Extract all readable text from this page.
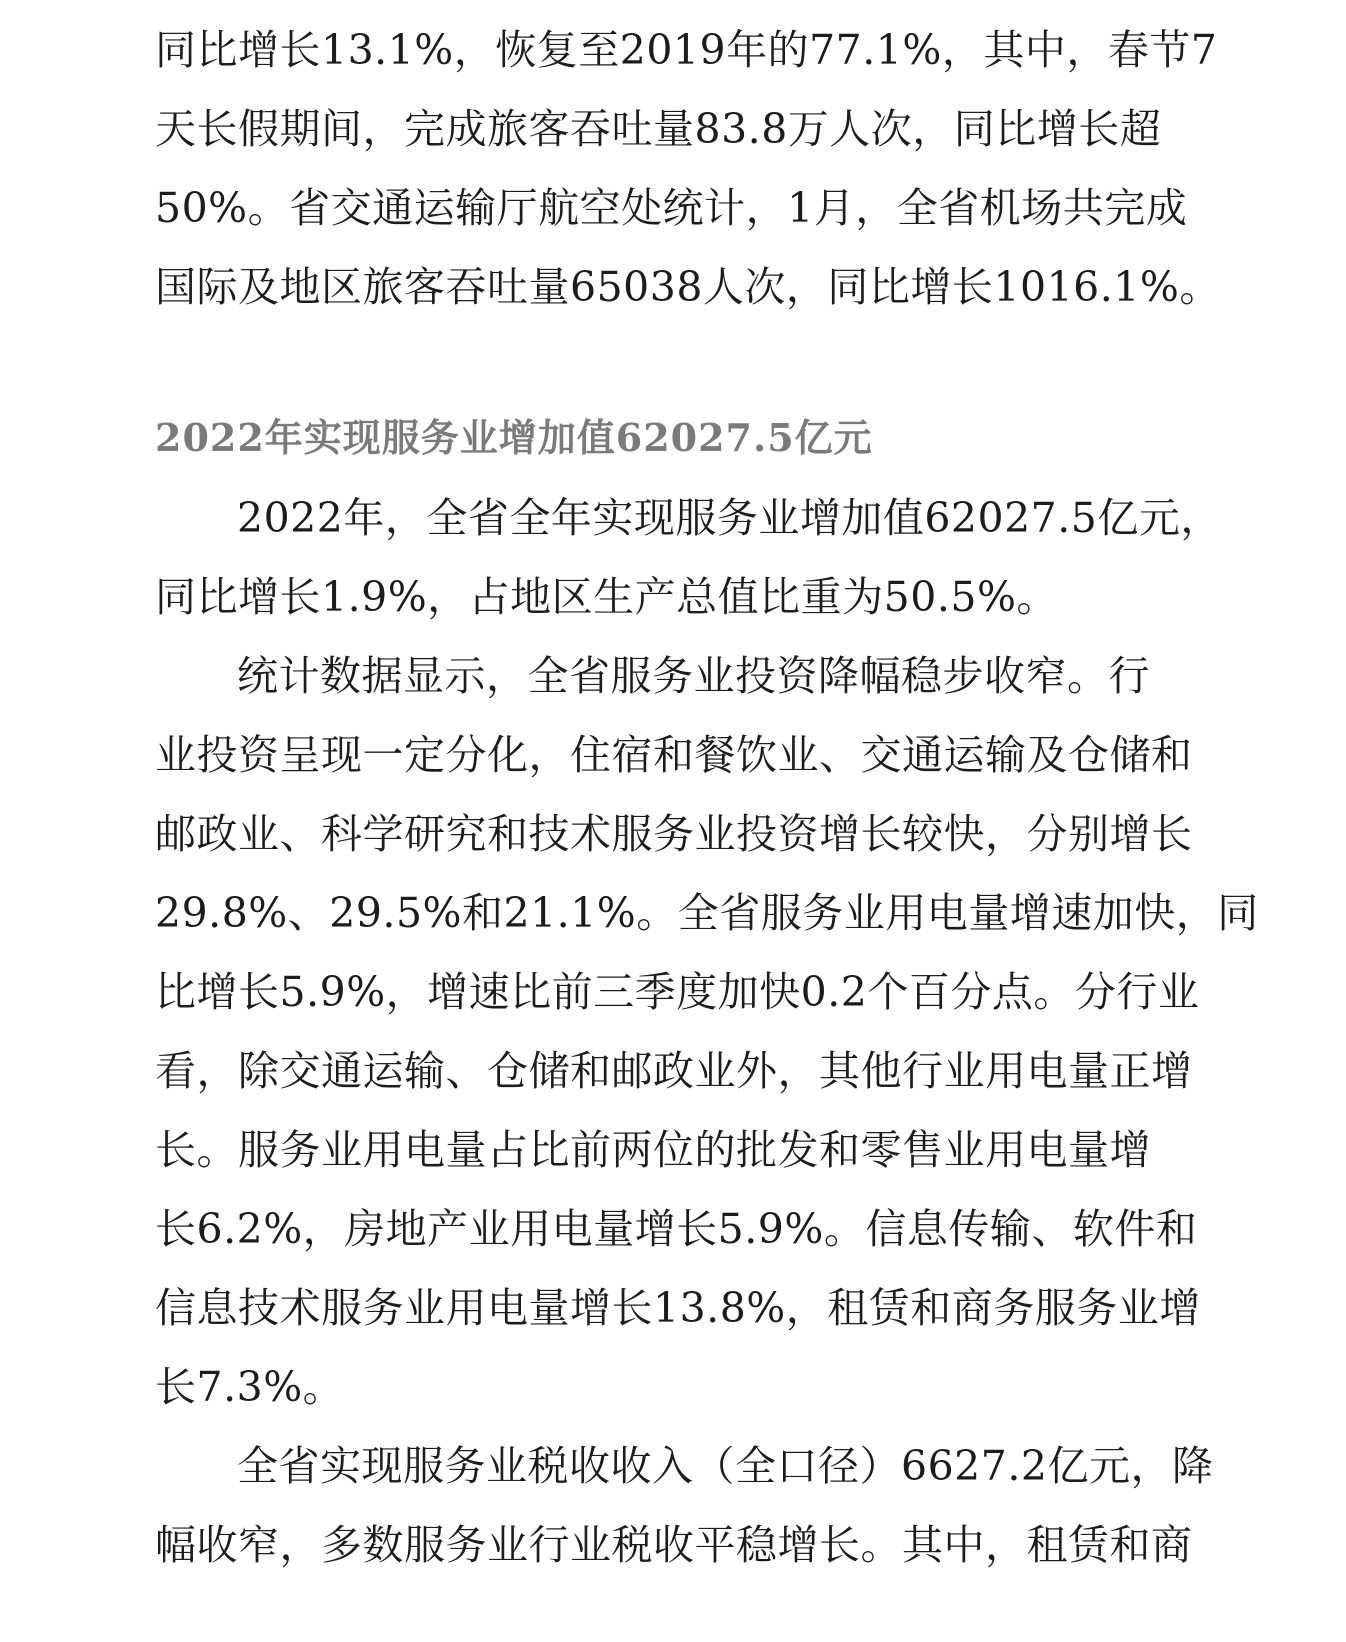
同比增长13.1%，恢复至2019年的77.1%，其中，春节7
天长假期间，完成旅客吞吐量83.8万人次，同比增长超
50%。省交通运输厅航空处统计，1月，全省机场共完成
国际及地区旅客吞吐量65038人次，同比增长1016.1%。
2022年实现服务业增加值62027.5亿元
2022年，全省全年实现服务业增加值62027.5亿元，
同比增长1.9%，占地区生产总值比重为50.5%。
统计数据显示，全省服务业投资降幅稳步收窄。行
业投资呈现一定分化，住宿和餐饮业、交通运输及仓储和
邮政业、科学研究和技术服务业投资增长较快，分别增长
29.8%、29.5%和21.1%。全省服务业用电量增速加快，同
比增长5.9%，增速比前三季度加快0.2个百分点。分行业
看，除交通运输、仓储和邮政业外，其他行业用电量正增
长。服务业用电量占比前两位的批发和零售业用电量增
长6.2%，房地产业用电量增长5.9%。信息传输、软件和
信息技术服务业用电量增长13.8%，租赁和商务服务业增
长7.3%。
全省实现服务业税收收入（全口径）6627.2亿元，降
幅收窄，多数服务业行业税收平稳增长。其中，租赁和商
